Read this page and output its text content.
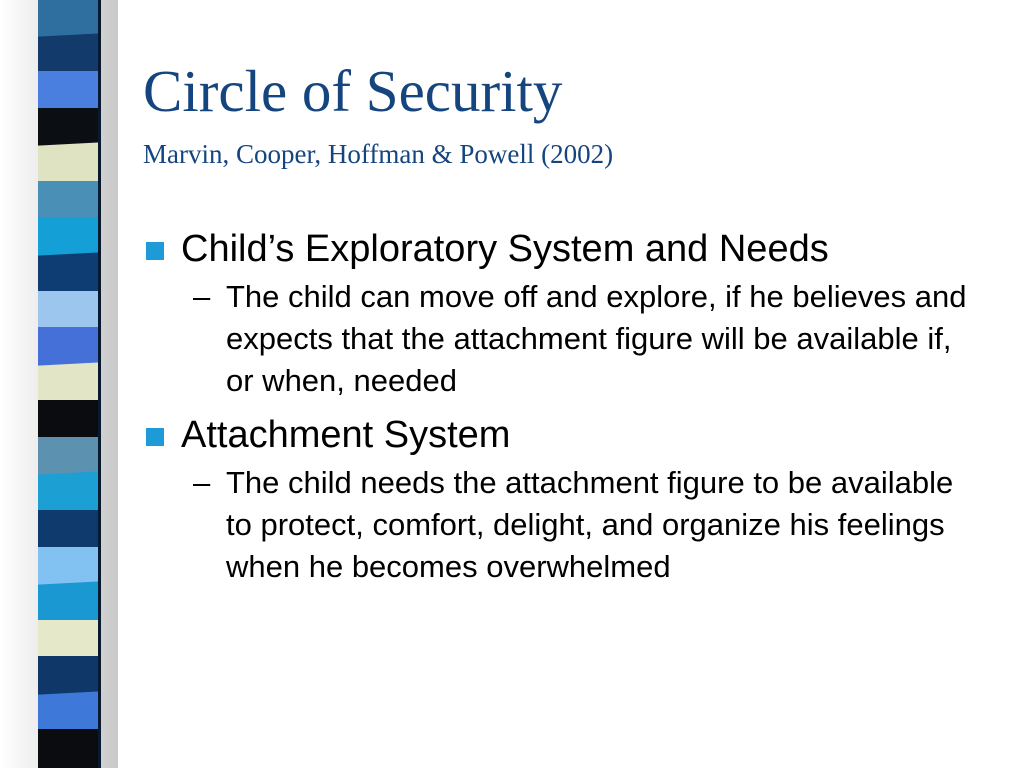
Circle of Security
Marvin, Cooper, Hoffman & Powell (2002)
Child’s Exploratory System and Needs
– The child can move off and explore, if he believes and expects that the attachment figure will be available if, or when, needed
Attachment System
– The child needs the attachment figure to be available to protect, comfort, delight, and organize his feelings when he becomes overwhelmed
